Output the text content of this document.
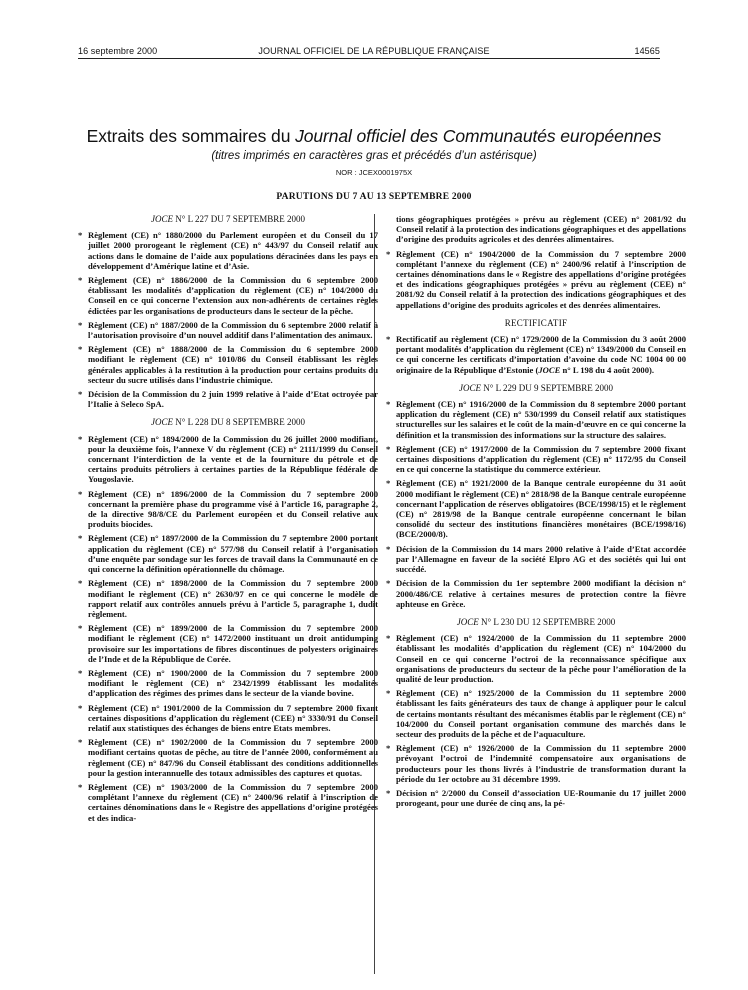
16 septembre 2000	JOURNAL OFFICIEL DE LA RÉPUBLIQUE FRANÇAISE	14565
Extraits des sommaires du Journal officiel des Communautés européennes
(titres imprimés en caractères gras et précédés d’un astérisque)
NOR : JCEX0001975X
PARUTIONS DU 7 AU 13 SEPTEMBRE 2000
JOCE N° L 227 DU 7 SEPTEMBRE 2000
* Règlement (CE) n° 1880/2000 du Parlement européen et du Conseil du 17 juillet 2000 prorogeant le règlement (CE) n° 443/97 du Conseil relatif aux actions dans le domaine de l’aide aux populations déracinées dans les pays en développement d’Amérique latine et d’Asie.
* Règlement (CE) n° 1886/2000 de la Commission du 6 septembre 2000 établissant les modalités d’application du règlement (CE) n° 104/2000 du Conseil en ce qui concerne l’extension aux non-adhérents de certaines règles édictées par les organisations de producteurs dans le secteur de la pêche.
* Règlement (CE) n° 1887/2000 de la Commission du 6 septembre 2000 relatif à l’autorisation provisoire d’un nouvel additif dans l’alimentation des animaux.
* Règlement (CE) n° 1888/2000 de la Commission du 6 septembre 2000 modifiant le règlement (CE) n° 1010/86 du Conseil établissant les règles générales applicables à la restitution à la production pour certains produits du secteur du sucre utilisés dans l’industrie chimique.
* Décision de la Commission du 2 juin 1999 relative à l’aide d’Etat octroyée par l’Italie à Seleco SpA.
JOCE N° L 228 DU 8 SEPTEMBRE 2000
* Règlement (CE) n° 1894/2000 de la Commission du 26 juillet 2000 modifiant, pour la deuxième fois, l’annexe V du règlement (CE) n° 2111/1999 du Conseil concernant l’interdiction de la vente et de la fourniture du pétrole et de certains produits pétroliers à certaines parties de la République fédérale de Yougoslavie.
* Règlement (CE) n° 1896/2000 de la Commission du 7 septembre 2000 concernant la première phase du programme visé à l’article 16, paragraphe 2, de la directive 98/8/CE du Parlement européen et du Conseil relative aux produits biocides.
* Règlement (CE) n° 1897/2000 de la Commission du 7 septembre 2000 portant application du règlement (CE) n° 577/98 du Conseil relatif à l’organisation d’une enquête par sondage sur les forces de travail dans la Communauté en ce qui concerne la définition opérationnelle du chômage.
* Règlement (CE) n° 1898/2000 de la Commission du 7 septembre 2000 modifiant le règlement (CE) n° 2630/97 en ce qui concerne le modèle de rapport relatif aux contrôles annuels prévu à l’article 5, paragraphe 1, dudit règlement.
* Règlement (CE) n° 1899/2000 de la Commission du 7 septembre 2000 modifiant le règlement (CE) n° 1472/2000 instituant un droit antidumping provisoire sur les importations de fibres discontinues de polyesters originaires de l’Inde et de la République de Corée.
* Règlement (CE) n° 1900/2000 de la Commission du 7 septembre 2000 modifiant le règlement (CE) n° 2342/1999 établissant les modalités d’application des régimes des primes dans le secteur de la viande bovine.
* Règlement (CE) n° 1901/2000 de la Commission du 7 septembre 2000 fixant certaines dispositions d’application du règlement (CEE) n° 3330/91 du Conseil relatif aux statistiques des échanges de biens entre Etats membres.
* Règlement (CE) n° 1902/2000 de la Commission du 7 septembre 2000 modifiant certains quotas de pêche, au titre de l’année 2000, conformément au règlement (CE) n° 847/96 du Conseil établissant des conditions additionnelles pour la gestion interannuelle des totaux admissibles des captures et quotas.
* Règlement (CE) n° 1903/2000 de la Commission du 7 septembre 2000 complétant l’annexe du règlement (CE) n° 2400/96 relatif à l’inscription de certaines dénominations dans le « Registre des appellations d’origine protégées et des indica-
tions géographiques protégées » prévu au règlement (CEE) n° 2081/92 du Conseil relatif à la protection des indications géographiques et des appellations d’origine des produits agricoles et des denrées alimentaires.
* Règlement (CE) n° 1904/2000 de la Commission du 7 septembre 2000 complétant l’annexe du règlement (CE) n° 2400/96 relatif à l’inscription de certaines dénominations dans le « Registre des appellations d’origine protégées et des indications géographiques protégées » prévu au règlement (CEE) n° 2081/92 du Conseil relatif à la protection des indications géographiques et des appellations d’origine des produits agricoles et des denrées alimentaires.
RECTIFICATIF
* Rectificatif au règlement (CE) n° 1729/2000 de la Commission du 3 août 2000 portant modalités d’application du règlement (CE) n° 1349/2000 du Conseil en ce qui concerne les certificats d’importation d’avoine du code NC 1004 00 00 originaire de la République d’Estonie (JOCE n° L 198 du 4 août 2000).
JOCE N° L 229 DU 9 SEPTEMBRE 2000
* Règlement (CE) n° 1916/2000 de la Commission du 8 septembre 2000 portant application du règlement (CE) n° 530/1999 du Conseil relatif aux statistiques structurelles sur les salaires et le coût de la main-d’œuvre en ce qui concerne la définition et la transmission des informations sur la structure des salaires.
* Règlement (CE) n° 1917/2000 de la Commission du 7 septembre 2000 fixant certaines dispositions d’application du règlement (CE) n° 1172/95 du Conseil en ce qui concerne la statistique du commerce extérieur.
* Règlement (CE) n° 1921/2000 de la Banque centrale européenne du 31 août 2000 modifiant le règlement (CE) n° 2818/98 de la Banque centrale européenne concernant l’application de réserves obligatoires (BCE/1998/15) et le règlement (CE) n° 2819/98 de la Banque centrale européenne concernant le bilan consolidé du secteur des institutions financières monétaires (BCE/1998/16) (BCE/2000/8).
* Décision de la Commission du 14 mars 2000 relative à l’aide d’Etat accordée par l’Allemagne en faveur de la société Elpro AG et des sociétés qui lui ont succédé.
* Décision de la Commission du 1er septembre 2000 modifiant la décision n° 2000/486/CE relative à certaines mesures de protection contre la fièvre aphteuse en Grèce.
JOCE N° L 230 DU 12 SEPTEMBRE 2000
* Règlement (CE) n° 1924/2000 de la Commission du 11 septembre 2000 établissant les modalités d’application du règlement (CE) n° 104/2000 du Conseil en ce qui concerne l’octroi de la reconnaissance spécifique aux organisations de producteurs du secteur de la pêche pour l’amélioration de la qualité de leur production.
* Règlement (CE) n° 1925/2000 de la Commission du 11 septembre 2000 établissant les faits générateurs des taux de change à appliquer pour le calcul de certains montants résultant des mécanismes établis par le règlement (CE) n° 104/2000 du Conseil portant organisation commune des marchés dans le secteur des produits de la pêche et de l’aquaculture.
* Règlement (CE) n° 1926/2000 de la Commission du 11 septembre 2000 prévoyant l’octroi de l’indemnité compensatoire aux organisations de producteurs pour les thons livrés à l’industrie de transformation durant la période du 1er octobre au 31 décembre 1999.
* Décision n° 2/2000 du Conseil d’association UE-Roumanie du 17 juillet 2000 prorogeant, pour une durée de cinq ans, la pé-
